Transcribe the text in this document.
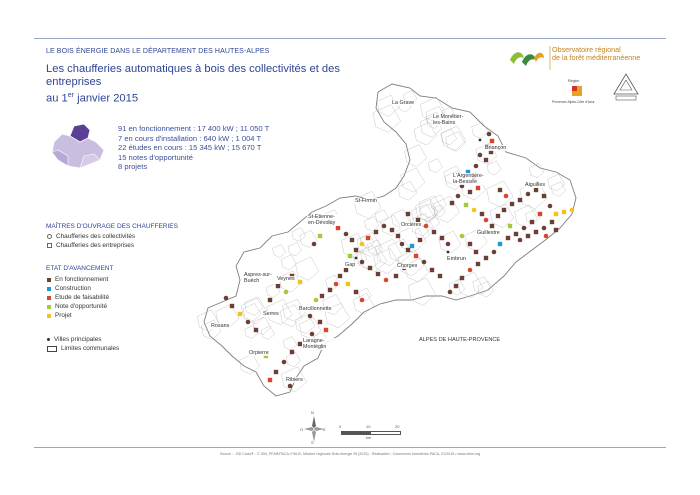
LE BOIS ÉNERGIE DANS LE DÉPARTEMENT DES HAUTES-ALPES
Les chaufferies automatiques à bois des collectivités et des entreprises
au 1er janvier 2015
91 en fonctionnement : 17 400 kW ; 11 050 T
7 en cours d'installation : 640 kW ; 1 004 T
22 études en cours : 15 345 kW ; 15 670 T
15 notes d'opportunité
8 projets
MAÎTRES D'OUVRAGE DES CHAUFFERIES
Chaufferies des collectivités
Chaufferies des entreprises
ETAT D'AVANCEMENT
En fonctionnement
Construction
Etude de faisabilité
Note d'opportunité
Projet
Villes principales
Limites communales
Observatoire régional
de la forêt méditerranéenne
Région
Provence-Alpes-Côte d'Azur
La Grave
Le Monêtier-les-Bains
Briançon
L'Argentière-la-Bessée	Aiguilles
St-Firmin
St-Etienne-en-Dévoluy	Orcières
Guillestre
Gap	Chorges
Embrun
Aspres-sur-Buëch	Veynes
Serres
Barcillonnette
Rosans
Laragne-Montéglin
Orpierre
Ribiers
ALPES DE HAUTE-PROVENCE
N
S
O	E
0	10	20
km
Source : - BD Carto® - © IGN, PFAR/PACA n°0610, Mission régionale Bois-énergie 05 (2015) - Réalisation : Communes forestières PACA, 01/2015 • www.ofme.org
